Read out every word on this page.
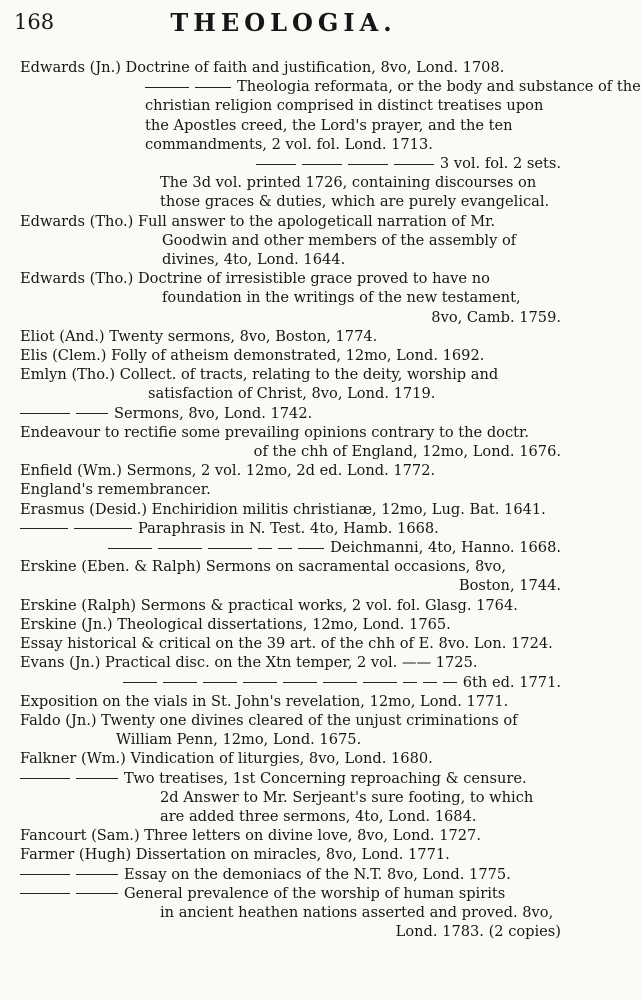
168	THEOLOGIA.
Edwards (Jn.) Doctrine of faith and justification, 8vo, Lond. 1708.
Theologia reformata, or the body and substance of the
christian religion comprised in distinct treatises upon
the Apostles creed, the Lord's prayer, and the ten
commandments, 2 vol. fol. Lond. 1713.
3 vol. fol. 2 sets.
The 3d vol. printed 1726, containing discourses on
those graces & duties, which are purely evangelical.
Edwards (Tho.) Full answer to the apologeticall narration of Mr.
Goodwin and other members of the assembly of
divines, 4to, Lond. 1644.
Edwards (Tho.) Doctrine of irresistible grace proved to have no
foundation in the writings of the new testament,
8vo, Camb. 1759.
Eliot (And.) Twenty sermons, 8vo, Boston, 1774.
Elis (Clem.) Folly of atheism demonstrated, 12mo, Lond. 1692.
Emlyn (Tho.) Collect. of tracts, relating to the deity, worship and
satisfaction of Christ, 8vo, Lond. 1719.
Sermons, 8vo, Lond. 1742.
Endeavour to rectifie some prevailing opinions contrary to the doctr.
of the chh of England, 12mo, Lond. 1676.
Enfield (Wm.) Sermons, 2 vol. 12mo, 2d ed. Lond. 1772.
England's remembrancer.
Erasmus (Desid.) Enchiridion militis christianæ, 12mo, Lug. Bat. 1641.
Paraphrasis in N. Test. 4to, Hamb. 1668.
Deichmanni, 4to, Hanno. 1668.
Erskine (Eben. & Ralph) Sermons on sacramental occasions, 8vo,
Boston, 1744.
Erskine (Ralph) Sermons & practical works, 2 vol. fol. Glasg. 1764.
Erskine (Jn.) Theological dissertations, 12mo, Lond. 1765.
Essay historical & critical on the 39 art. of the chh of E. 8vo. Lon. 1724.
Evans (Jn.) Practical disc. on the Xtn temper, 2 vol. —— 1725.
6th ed. 1771.
Exposition on the vials in St. John's revelation, 12mo, Lond. 1771.
Faldo (Jn.) Twenty one divines cleared of the unjust criminations of
William Penn, 12mo, Lond. 1675.
Falkner (Wm.) Vindication of liturgies, 8vo, Lond. 1680.
Two treatises, 1st Concerning reproaching & censure.
2d Answer to Mr. Serjeant's sure footing, to which
are added three sermons, 4to, Lond. 1684.
Fancourt (Sam.) Three letters on divine love, 8vo, Lond. 1727.
Farmer (Hugh) Dissertation on miracles, 8vo, Lond. 1771.
Essay on the demoniacs of the N.T. 8vo, Lond. 1775.
General prevalence of the worship of human spirits
in ancient heathen nations asserted and proved. 8vo,
Lond. 1783. (2 copies)
